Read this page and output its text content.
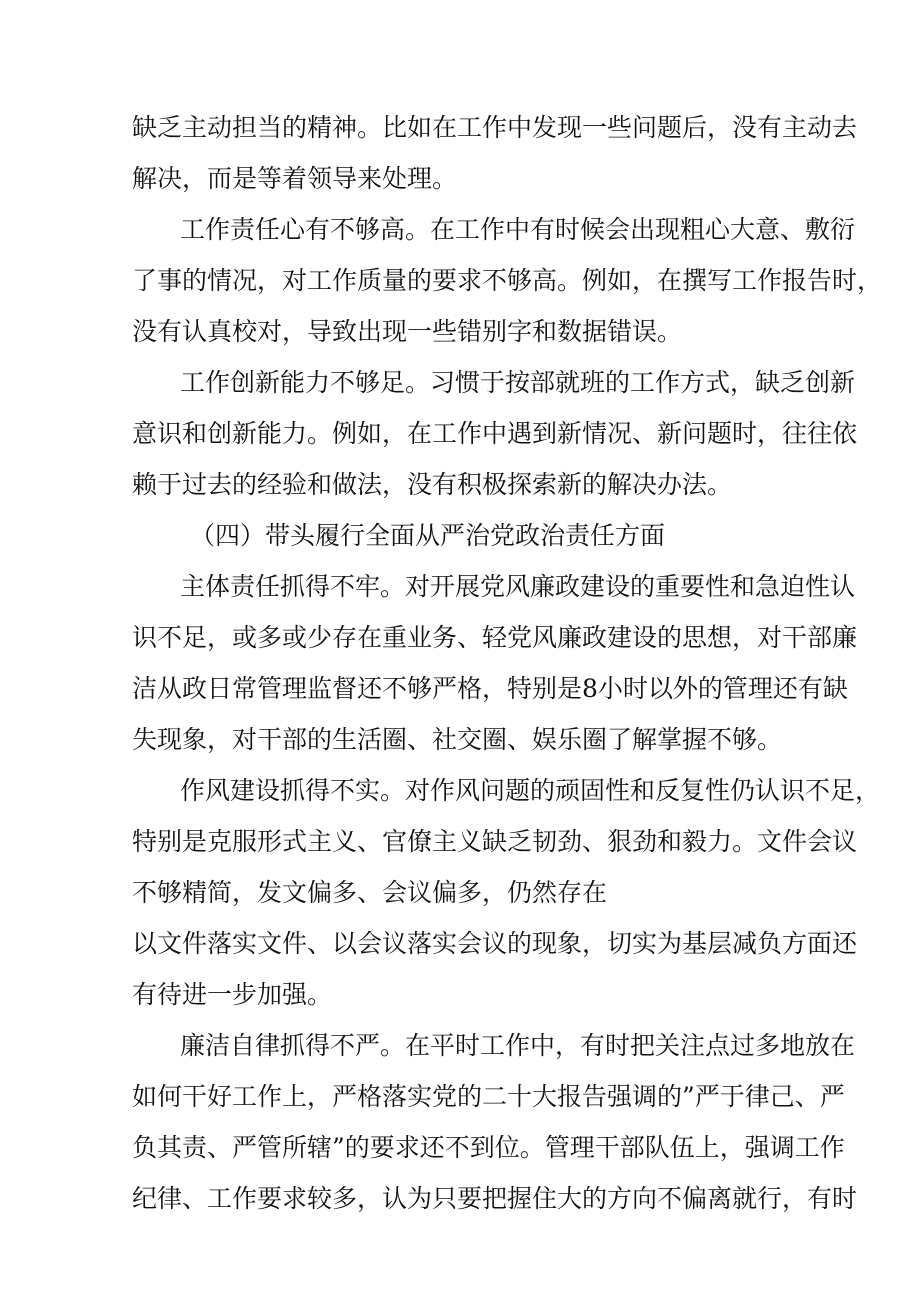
缺乏主动担当的精神。比如在工作中发现一些问题后，没有主动去
解决，而是等着领导来处理。
工作责任心有不够高。在工作中有时候会出现粗心大意、敷衍
了事的情况，对工作质量的要求不够高。例如，在撰写工作报告时，
没有认真校对，导致出现一些错别字和数据错误。
工作创新能力不够足。习惯于按部就班的工作方式，缺乏创新
意识和创新能力。例如，在工作中遇到新情况、新问题时，往往依
赖于过去的经验和做法，没有积极探索新的解决办法。
（四）带头履行全面从严治党政治责任方面
主体责任抓得不牢。对开展党风廉政建设的重要性和急迫性认
识不足，或多或少存在重业务、轻党风廉政建设的思想，对干部廉
洁从政日常管理监督还不够严格，特别是8小时以外的管理还有缺
失现象，对干部的生活圈、社交圈、娱乐圈了解掌握不够。
作风建设抓得不实。对作风问题的顽固性和反复性仍认识不足，
特别是克服形式主义、官僚主义缺乏韧劲、狠劲和毅力。文件会议
不够精简，发文偏多、会议偏多，仍然存在
以文件落实文件、以会议落实会议的现象，切实为基层减负方面还
有待进一步加强。
廉洁自律抓得不严。在平时工作中，有时把关注点过多地放在
如何干好工作上，严格落实党的二十大报告强调的”严于律己、严
负其责、严管所辖”的要求还不到位。管理干部队伍上，强调工作
纪律、工作要求较多，认为只要把握住大的方向不偏离就行，有时
